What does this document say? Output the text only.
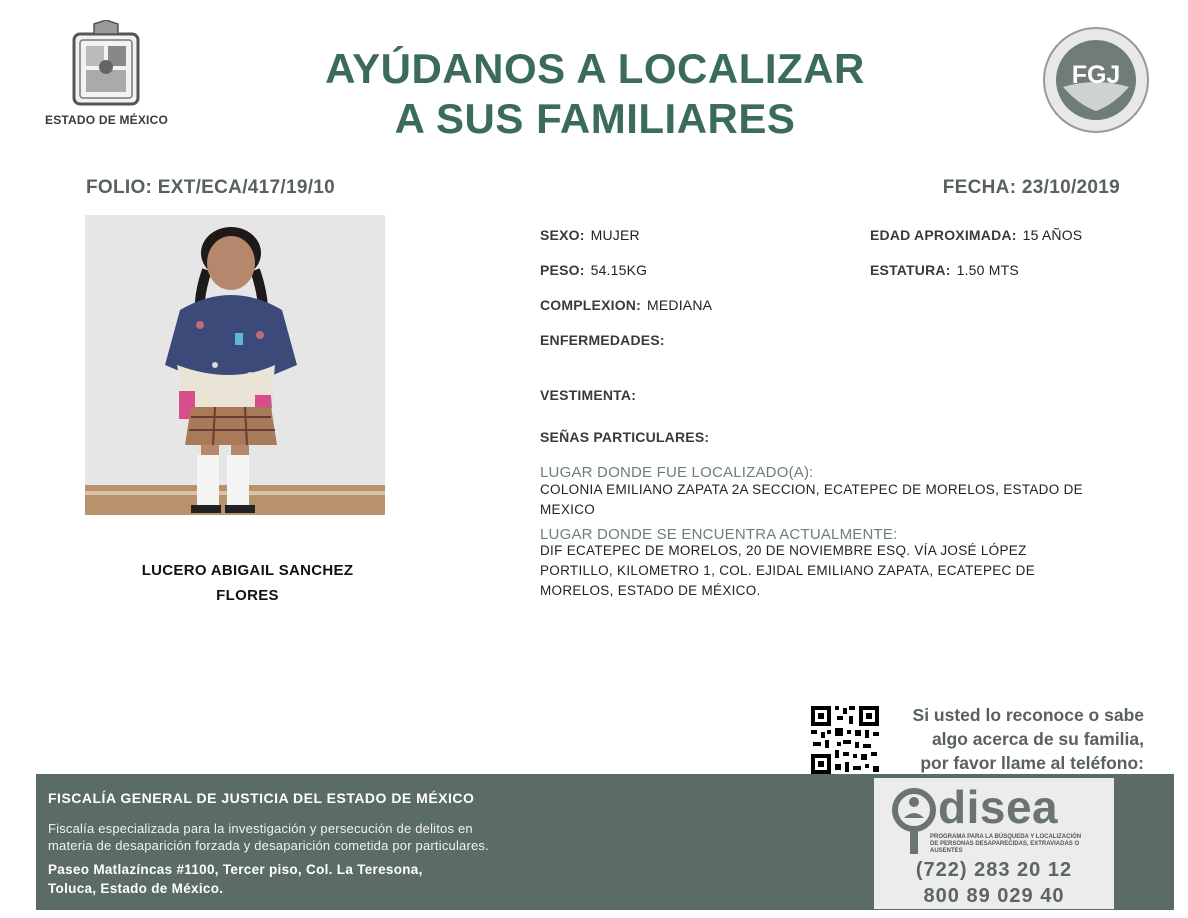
ESTADO DE MÉXICO
AYÚDANOS A LOCALIZAR
A SUS FAMILIARES
FGJ
FOLIO: EXT/ECA/417/19/10	FECHA: 23/10/2019
LUCERO ABIGAIL SANCHEZ
FLORES
SEXO: MUJER	EDAD APROXIMADA: 15 AÑOS
PESO: 54.15KG	ESTATURA: 1.50 MTS
COMPLEXION: MEDIANA
ENFERMEDADES:
VESTIMENTA:
SEÑAS PARTICULARES:
LUGAR DONDE FUE LOCALIZADO(A):
COLONIA EMILIANO ZAPATA 2A SECCION, ECATEPEC DE MORELOS, ESTADO DE
MEXICO
LUGAR DONDE SE ENCUENTRA ACTUALMENTE:
DIF ECATEPEC DE MORELOS, 20 DE NOVIEMBRE ESQ. VÍA JOSÉ LÓPEZ
PORTILLO, KILOMETRO 1, COL. EJIDAL EMILIANO ZAPATA, ECATEPEC DE
MORELOS, ESTADO DE MÉXICO.
Si usted lo reconoce o sabe
algo acerca de su familia,
por favor llame al teléfono:
FISCALÍA GENERAL DE JUSTICIA DEL ESTADO DE MÉXICO
Fiscalía especializada para la investigación y persecución de delitos en
materia de desaparición forzada y desaparición cometida por particulares.
Paseo Matlazíncas #1100, Tercer piso, Col. La Teresona,
Toluca, Estado de México.
disea
PROGRAMA PARA LA BÚSQUEDA Y LOCALIZACIÓN
DE PERSONAS DESAPARECIDAS, EXTRAVIADAS O
AUSENTES
(722) 283 20 12
800 89 029 40
